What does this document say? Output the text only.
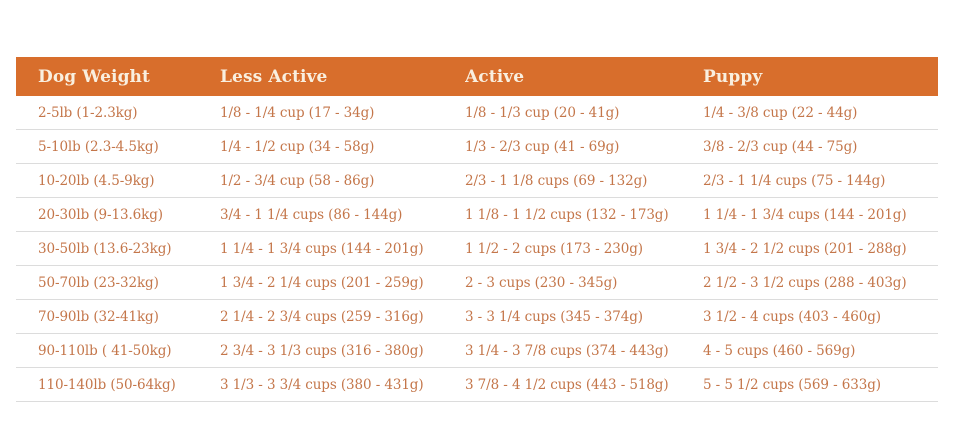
Dog Weight	Less Active	Active	Puppy
2-5lb (1-2.3kg)	1/8 - 1/4 cup (17 - 34g)	1/8 - 1/3 cup (20 - 41g)	1/4 - 3/8 cup (22 - 44g)
5-10lb (2.3-4.5kg)	1/4 - 1/2 cup (34 - 58g)	1/3 - 2/3 cup (41 - 69g)	3/8 - 2/3 cup (44 - 75g)
10-20lb (4.5-9kg)	1/2 - 3/4 cup (58 - 86g)	2/3 - 1 1/8 cups (69 - 132g)	2/3 - 1 1/4 cups (75 - 144g)
20-30lb (9-13.6kg)	3/4 - 1 1/4 cups (86 - 144g)	1 1/8 - 1 1/2 cups (132 - 173g)	1 1/4 - 1 3/4 cups (144 - 201g)
30-50lb (13.6-23kg)	1 1/4 - 1 3/4 cups (144 - 201g)	1 1/2 - 2 cups (173 - 230g)	1 3/4 - 2 1/2 cups (201 - 288g)
50-70lb (23-32kg)	1 3/4 - 2 1/4 cups (201 - 259g)	2 - 3 cups (230 - 345g)	2 1/2 - 3 1/2 cups (288 - 403g)
70-90lb (32-41kg)	2 1/4 - 2 3/4 cups (259 - 316g)	3 - 3 1/4 cups (345 - 374g)	3 1/2 - 4 cups (403 - 460g)
90-110lb ( 41-50kg)	2 3/4 - 3 1/3 cups (316 - 380g)	3 1/4 - 3 7/8 cups (374 - 443g)	4 - 5 cups (460 - 569g)
110-140lb (50-64kg)	3 1/3 - 3 3/4 cups (380 - 431g)	3 7/8 - 4 1/2 cups (443 - 518g)	5 - 5 1/2 cups (569 - 633g)
